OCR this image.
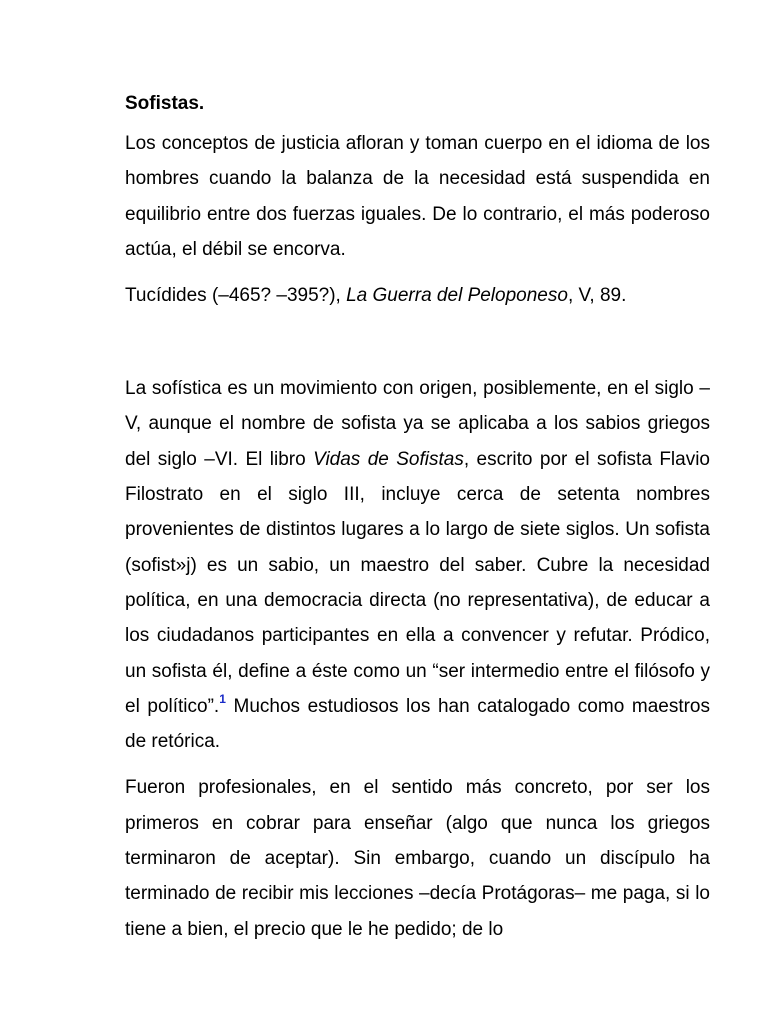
Sofistas.

Los conceptos de justicia afloran y toman cuerpo en el idioma de los hombres cuando la balanza de la necesidad está suspendida en equilibrio entre dos fuerzas iguales. De lo contrario, el más poderoso actúa, el débil se encorva.

Tucídides (–465? –395?), La Guerra del Peloponeso, V, 89.

La sofística es un movimiento con origen, posiblemente, en el siglo –V, aunque el nombre de sofista ya se aplicaba a los sabios griegos del siglo –VI. El libro Vidas de Sofistas, escrito por el sofista Flavio Filostrato en el siglo III, incluye cerca de setenta nombres provenientes de distintos lugares a lo largo de siete siglos. Un sofista (sofist»j) es un sabio, un maestro del saber. Cubre la necesidad política, en una democracia directa (no representativa), de educar a los ciudadanos participantes en ella a convencer y refutar. Pródico, un sofista él, define a éste como un “ser intermedio entre el filósofo y el político”.$^1$ Muchos estudiosos los han catalogado como maestros de retórica.

Fueron profesionales, en el sentido más concreto, por ser los primeros en cobrar para enseñar (algo que nunca los griegos terminaron de aceptar). Sin embargo, cuando un discípulo ha terminado de recibir mis lecciones –decía Protágoras– me paga, si lo tiene a bien, el precio que le he pedido; de lo
